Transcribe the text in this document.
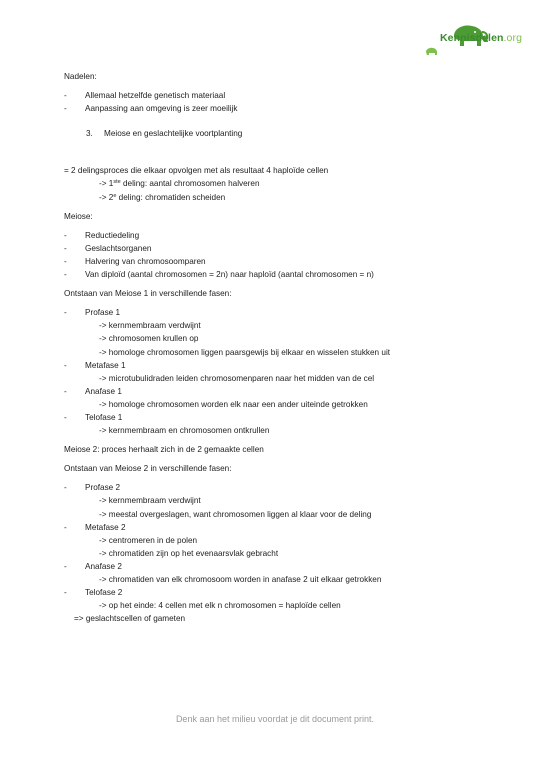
Kennisdelen.org
Nadelen:
- Allemaal hetzelfde genetisch materiaal
- Aanpassing aan omgeving is zeer moeilijk
3. Meiose en geslachtelijke voortplanting
= 2 delingsproces die elkaar opvolgen met als resultaat 4 haploïde cellen
-> 1ste deling: aantal chromosomen halveren
-> $2^e$ deling: chromatiden scheiden
Meiose:
- Reductiedeling
- Geslachtsorganen
- Halvering van chromosoomparen
- Van diploïd (aantal chromosomen = 2n) naar haploïd (aantal chromosomen = n)
Ontstaan van Meiose 1 in verschillende fasen:
- Profase 1
-> kernmembraam verdwijnt
-> chromosomen krullen op
-> homologe chromosomen liggen paarsgewijs bij elkaar en wisselen stukken uit
- Metafase 1
-> microtubulidraden leiden chromosomenparen naar het midden van de cel
- Anafase 1
-> homologe chromosomen worden elk naar een ander uiteinde getrokken
- Telofase 1
-> kernmembraam en chromosomen ontkrullen
Meiose 2: proces herhaalt zich in de 2 gemaakte cellen
Ontstaan van Meiose 2 in verschillende fasen:
- Profase 2
-> kernmembraam verdwijnt
-> meestal overgeslagen, want chromosomen liggen al klaar voor de deling
- Metafase 2
-> centromeren in de polen
-> chromatiden zijn op het evenaarsvlak gebracht
- Anafase 2
-> chromatiden van elk chromosoom worden in anafase 2 uit elkaar getrokken
- Telofase 2
-> op het einde: 4 cellen met elk n chromosomen = haploïde cellen
=> geslachtscellen of gameten
Denk aan het milieu voordat je dit document print.
